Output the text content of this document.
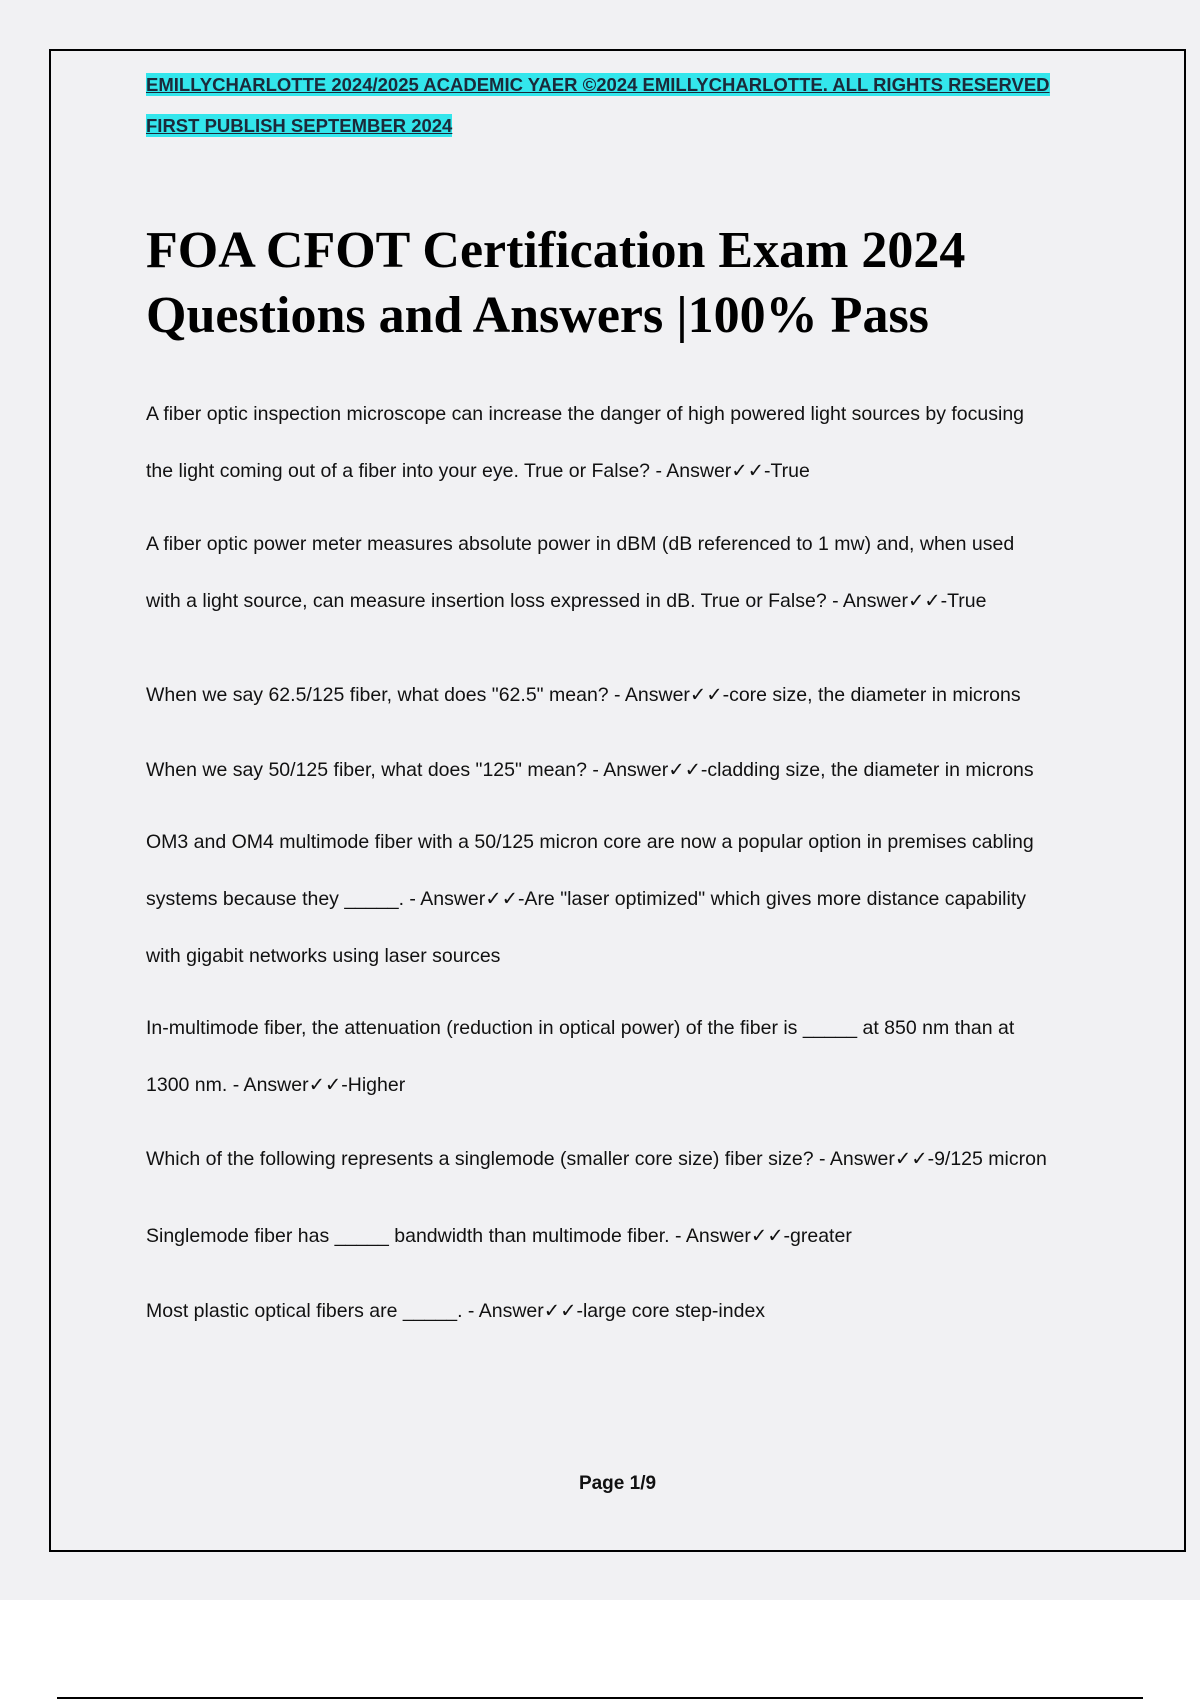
EMILLYCHARLOTTE 2024/2025 ACADEMIC YAER ©2024 EMILLYCHARLOTTE. ALL RIGHTS RESERVED
FIRST PUBLISH SEPTEMBER 2024
FOA CFOT Certification Exam 2024
Questions and Answers |100% Pass

A fiber optic inspection microscope can increase the danger of high powered light sources by focusing
the light coming out of a fiber into your eye. True or False? - Answer✓✓-True

A fiber optic power meter measures absolute power in dBM (dB referenced to 1 mw) and, when used
with a light source, can measure insertion loss expressed in dB. True or False? - Answer✓✓-True

When we say 62.5/125 fiber, what does "62.5" mean? - Answer✓✓-core size, the diameter in microns

When we say 50/125 fiber, what does "125" mean? - Answer✓✓-cladding size, the diameter in microns

OM3 and OM4 multimode fiber with a 50/125 micron core are now a popular option in premises cabling
systems because they _____. - Answer✓✓-Are "laser optimized" which gives more distance capability
with gigabit networks using laser sources

In-multimode fiber, the attenuation (reduction in optical power) of the fiber is _____ at 850 nm than at
1300 nm. - Answer✓✓-Higher

Which of the following represents a singlemode (smaller core size) fiber size? - Answer✓✓-9/125 micron

Singlemode fiber has _____ bandwidth than multimode fiber. - Answer✓✓-greater

Most plastic optical fibers are _____. - Answer✓✓-large core step-index

Page 1/9
